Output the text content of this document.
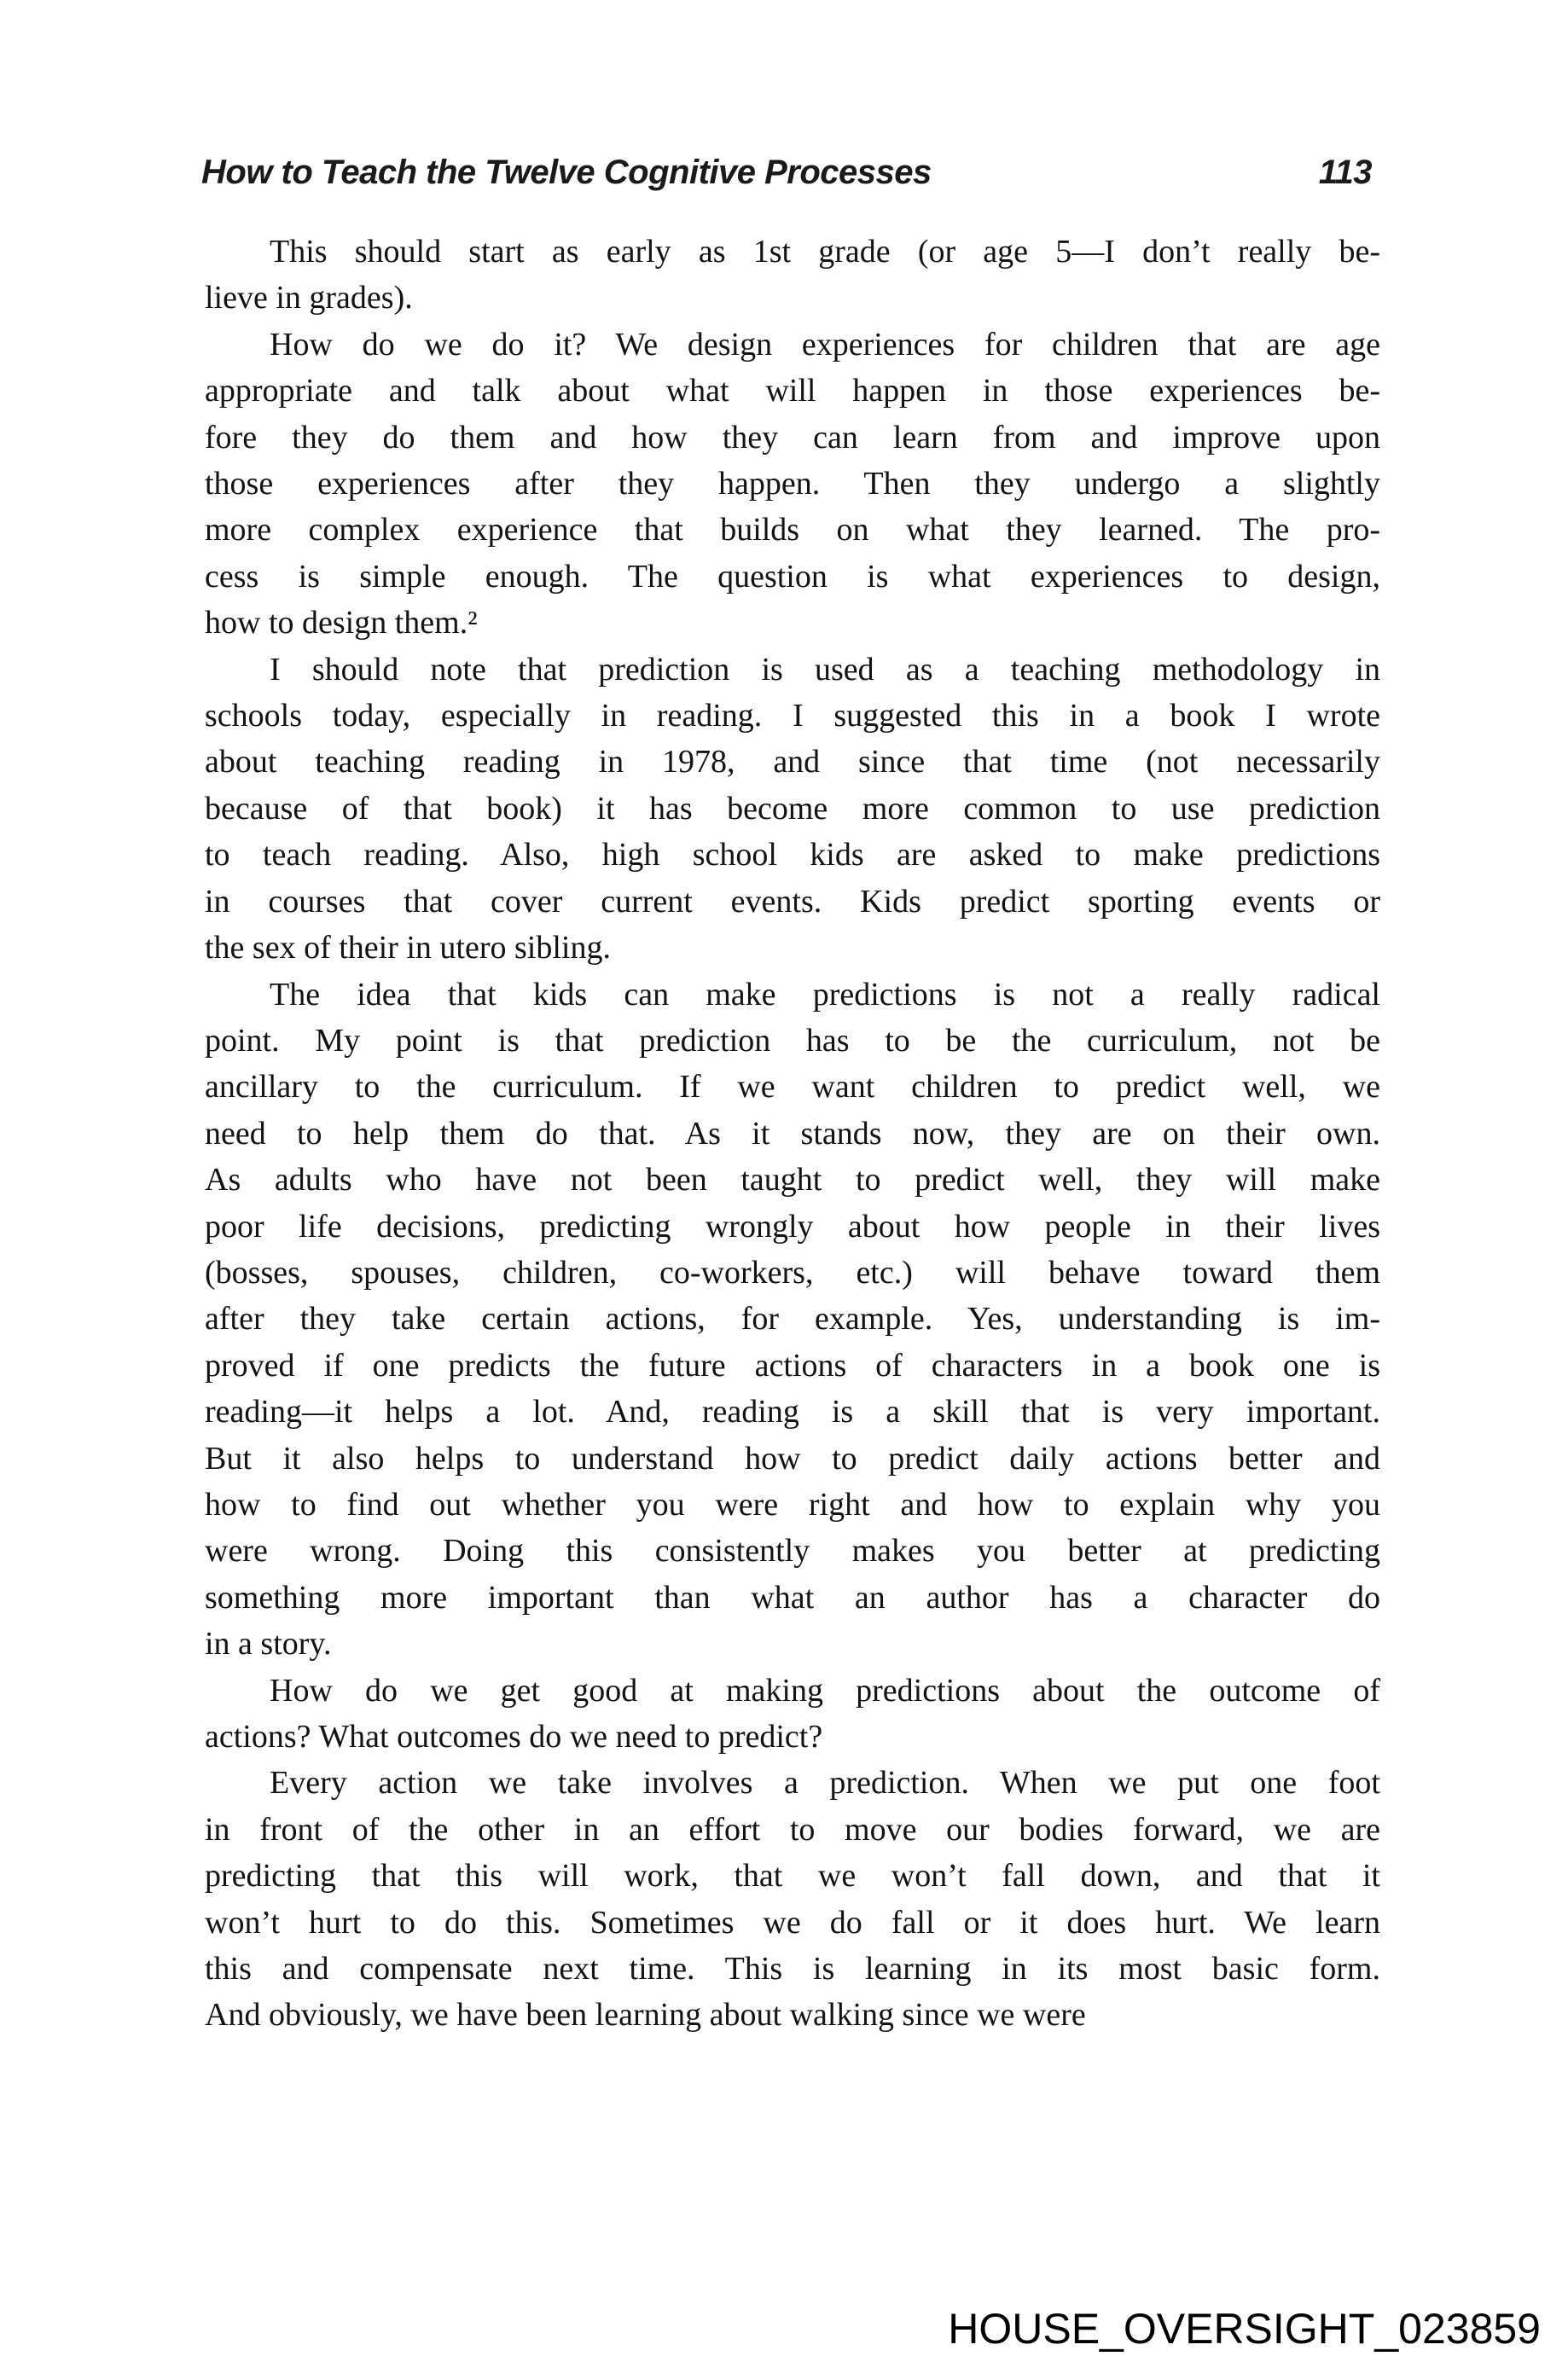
How to Teach the Twelve Cognitive Processes	113
This should start as early as 1st grade (or age 5—I don’t really be-
lieve in grades).
How do we do it? We design experiences for children that are age
appropriate and talk about what will happen in those experiences be-
fore they do them and how they can learn from and improve upon
those experiences after they happen. Then they undergo a slightly
more complex experience that builds on what they learned. The pro-
cess is simple enough. The question is what experiences to design,
how to design them.²
I should note that prediction is used as a teaching methodology in
schools today, especially in reading. I suggested this in a book I wrote
about teaching reading in 1978, and since that time (not necessarily
because of that book) it has become more common to use prediction
to teach reading. Also, high school kids are asked to make predictions
in courses that cover current events. Kids predict sporting events or
the sex of their in utero sibling.
The idea that kids can make predictions is not a really radical
point. My point is that prediction has to be the curriculum, not be
ancillary to the curriculum. If we want children to predict well, we
need to help them do that. As it stands now, they are on their own.
As adults who have not been taught to predict well, they will make
poor life decisions, predicting wrongly about how people in their lives
(bosses, spouses, children, co-workers, etc.) will behave toward them
after they take certain actions, for example. Yes, understanding is im-
proved if one predicts the future actions of characters in a book one is
reading—it helps a lot. And, reading is a skill that is very important.
But it also helps to understand how to predict daily actions better and
how to find out whether you were right and how to explain why you
were wrong. Doing this consistently makes you better at predicting
something more important than what an author has a character do
in a story.
How do we get good at making predictions about the outcome of
actions? What outcomes do we need to predict?
Every action we take involves a prediction. When we put one foot
in front of the other in an effort to move our bodies forward, we are
predicting that this will work, that we won’t fall down, and that it
won’t hurt to do this. Sometimes we do fall or it does hurt. We learn
this and compensate next time. This is learning in its most basic form.
And obviously, we have been learning about walking since we were
HOUSE_OVERSIGHT_023859
